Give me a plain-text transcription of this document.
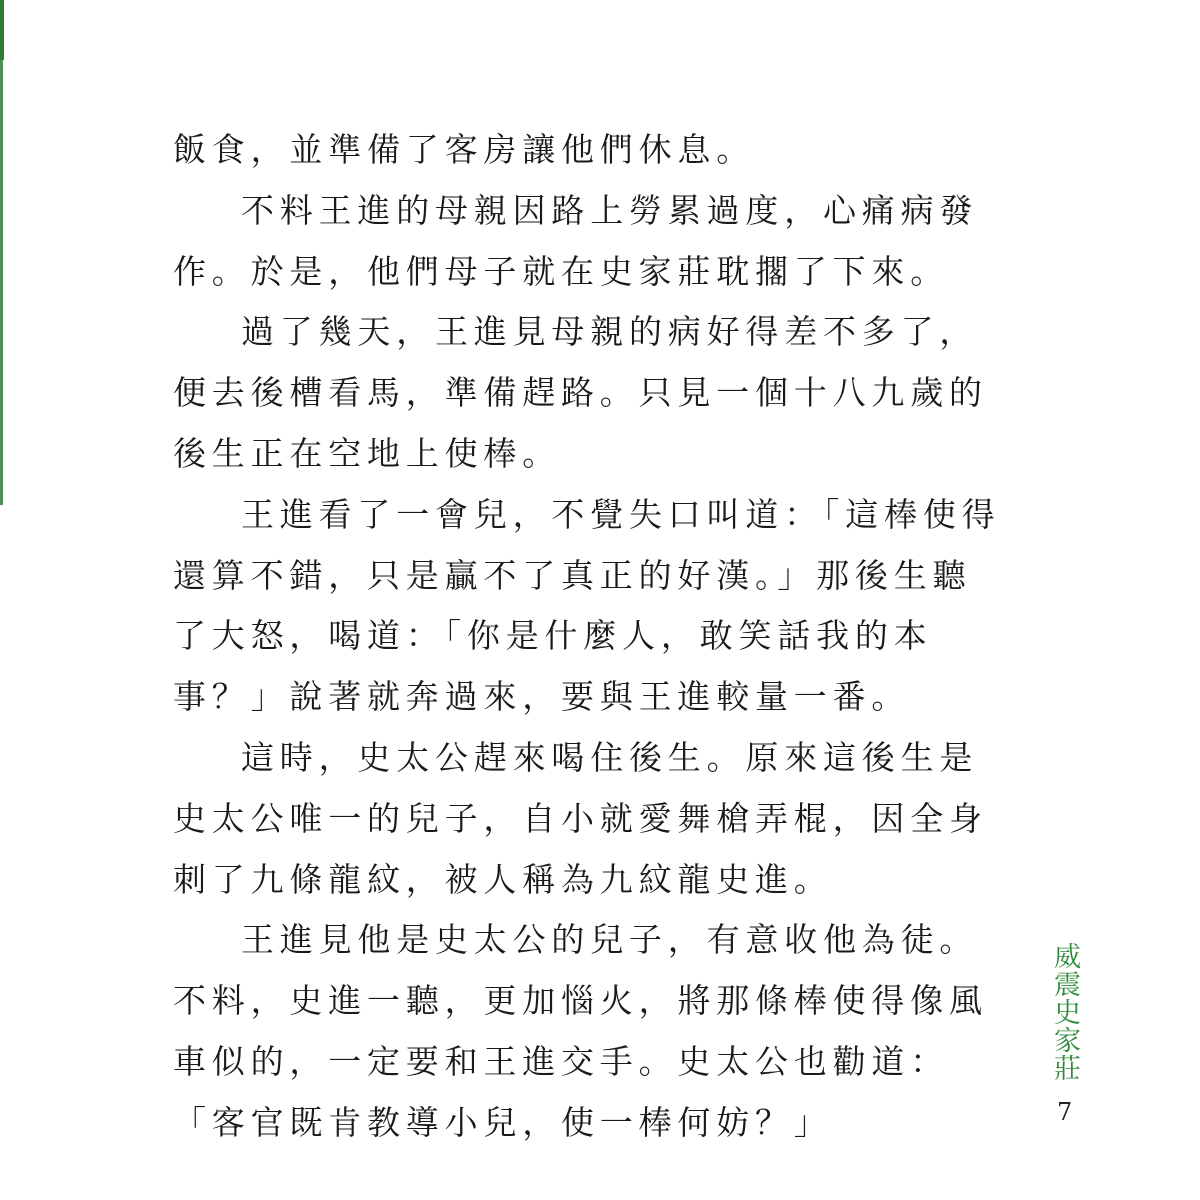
飯食，並準備了客房讓他們休息。

不料王進的母親因路上勞累過度，心痛病發作。於是，他們母子就在史家莊耽擱了下來。

過了幾天，王進見母親的病好得差不多了，便去後槽看馬，準備趕路。只見一個十八九歲的後生正在空地上使棒。

王進看了一會兒，不覺失口叫道：「這棒使得還算不錯，只是贏不了真正的好漢。」那後生聽了大怒，喝道：「你是什麼人，敢笑話我的本事？」說著就奔過來，要與王進較量一番。

這時，史太公趕來喝住後生。原來這後生是史太公唯一的兒子，自小就愛舞槍弄棍，因全身刺了九條龍紋，被人稱為九紋龍史進。

王進見他是史太公的兒子，有意收他為徒。不料，史進一聽，更加惱火，將那條棒使得像風車似的，一定要和王進交手。史太公也勸道：「客官既肯教導小兒，使一棒何妨？」

威震史家莊
7
